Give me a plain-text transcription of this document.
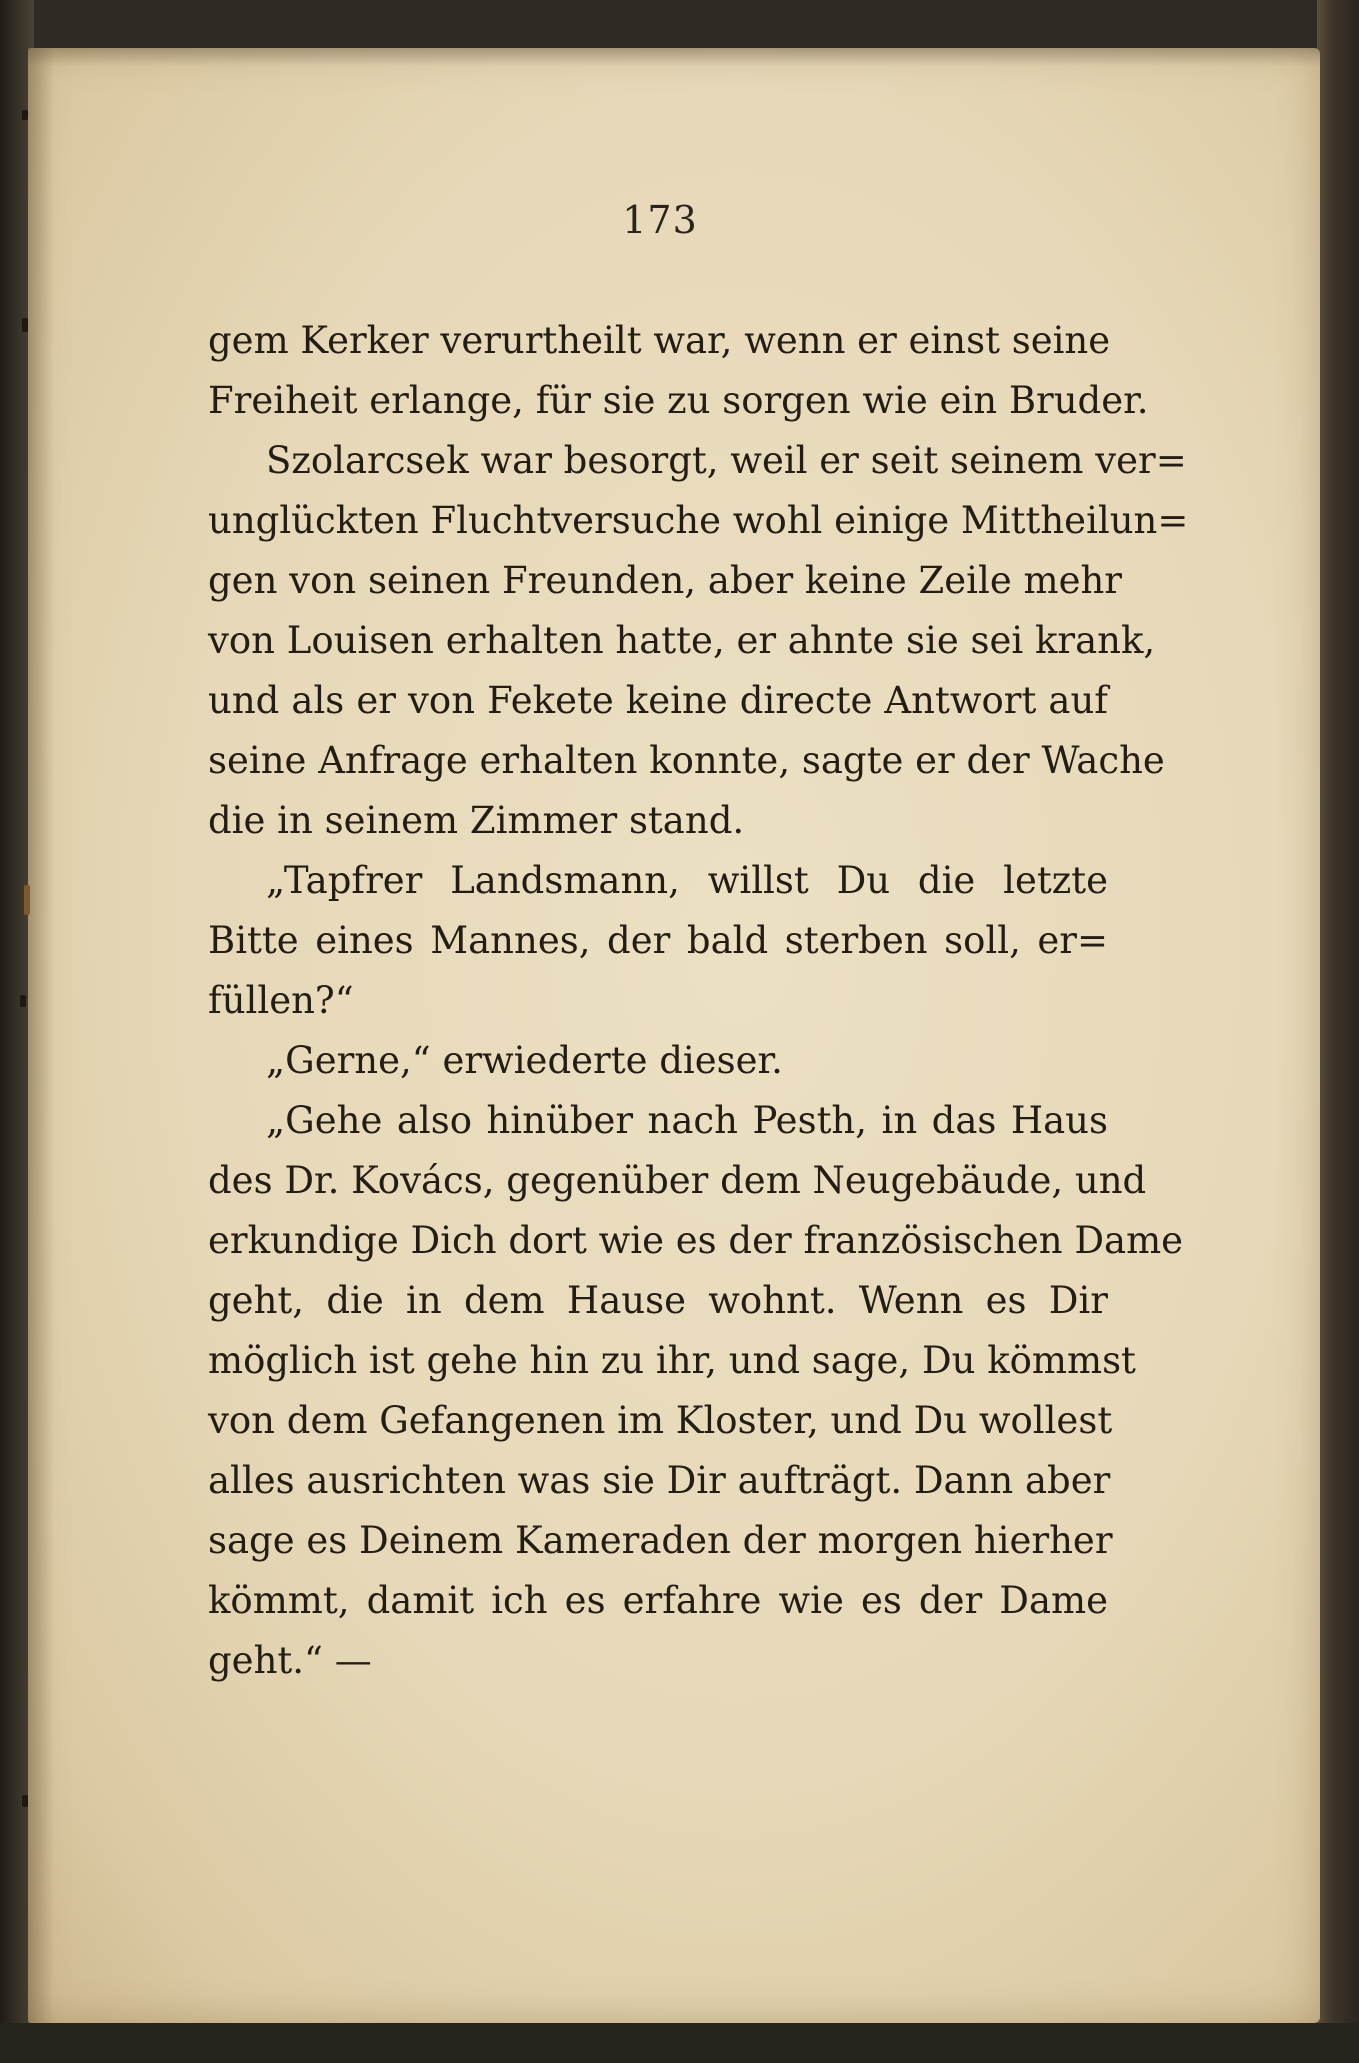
173
gem Kerker verurtheilt war, wenn er einst seine
Freiheit erlange, für sie zu sorgen wie ein Bruder.
Szolarcsek war besorgt, weil er seit seinem ver=
unglückten Fluchtversuche wohl einige Mittheilun=
gen von seinen Freunden, aber keine Zeile mehr
von Louisen erhalten hatte, er ahnte sie sei krank,
und als er von Fekete keine directe Antwort auf
seine Anfrage erhalten konnte, sagte er der Wache
die in seinem Zimmer stand.
„Tapfrer Landsmann, willst Du die letzte
Bitte eines Mannes, der bald sterben soll, er=
füllen?“
„Gerne,“ erwiederte dieser.
„Gehe also hinüber nach Pesth, in das Haus
des Dr. Kovács, gegenüber dem Neugebäude, und
erkundige Dich dort wie es der französischen Dame
geht, die in dem Hause wohnt. Wenn es Dir
möglich ist gehe hin zu ihr, und sage, Du kömmst
von dem Gefangenen im Kloster, und Du wollest
alles ausrichten was sie Dir aufträgt. Dann aber
sage es Deinem Kameraden der morgen hierher
kömmt, damit ich es erfahre wie es der Dame
geht.“ —
